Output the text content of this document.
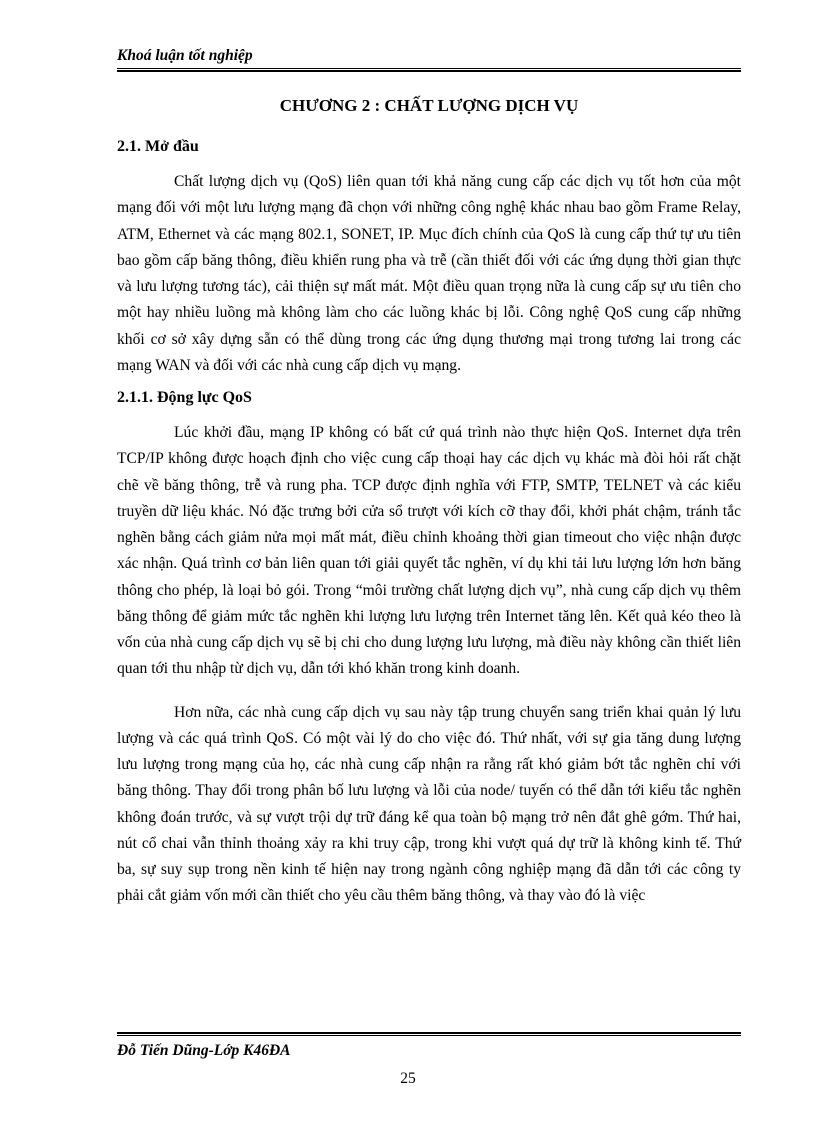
Khoá luận tốt nghiệp
CHƯƠNG 2 : CHẤT LƯỢNG DỊCH VỤ
2.1. Mở đầu

Chất lượng dịch vụ (QoS) liên quan tới khả năng cung cấp các dịch vụ tốt hơn của một mạng đối với một lưu lượng mạng đã chọn với những công nghệ khác nhau bao gồm Frame Relay, ATM, Ethernet và các mạng 802.1, SONET, IP. Mục đích chính của QoS là cung cấp thứ tự ưu tiên bao gồm cấp băng thông, điều khiển rung pha và trễ (cần thiết đối với các ứng dụng thời gian thực và lưu lượng tương tác), cải thiện sự mất mát. Một điều quan trọng nữa là cung cấp sự ưu tiên cho một hay nhiều luồng mà không làm cho các luồng khác bị lỗi. Công nghệ QoS cung cấp những khối cơ sở xây dựng sẵn có thể dùng trong các ứng dụng thương mại trong tương lai trong các mạng WAN và đối với các nhà cung cấp dịch vụ mạng.

2.1.1. Động lực QoS

Lúc khởi đầu, mạng IP không có bất cứ quá trình nào thực hiện QoS. Internet dựa trên TCP/IP không được hoạch định cho việc cung cấp thoại hay các dịch vụ khác mà đòi hỏi rất chặt chẽ về băng thông, trễ và rung pha. TCP được định nghĩa với FTP, SMTP, TELNET và các kiểu truyền dữ liệu khác. Nó đặc trưng bởi cửa sổ trượt với kích cỡ thay đổi, khởi phát chậm, tránh tắc nghẽn bằng cách giảm nửa mọi mất mát, điều chỉnh khoảng thời gian timeout cho việc nhận được xác nhận. Quá trình cơ bản liên quan tới giải quyết tắc nghẽn, ví dụ khi tải lưu lượng lớn hơn băng thông cho phép, là loại bỏ gói. Trong “môi trường chất lượng dịch vụ”, nhà cung cấp dịch vụ thêm băng thông để giảm mức tắc nghẽn khi lượng lưu lượng trên Internet tăng lên. Kết quả kéo theo là vốn của nhà cung cấp dịch vụ sẽ bị chi cho dung lượng lưu lượng, mà điều này không cần thiết liên quan tới thu nhập từ dịch vụ, dẫn tới khó khăn trong kinh doanh.

Hơn nữa, các nhà cung cấp dịch vụ sau này tập trung chuyển sang triển khai quản lý lưu lượng và các quá trình QoS. Có một vài lý do cho việc đó. Thứ nhất, với sự gia tăng dung lượng lưu lượng trong mạng của họ, các nhà cung cấp nhận ra rằng rất khó giảm bớt tắc nghẽn chỉ với băng thông. Thay đổi trong phân bố lưu lượng và lỗi của node/ tuyến có thể dẫn tới kiểu tắc nghẽn không đoán trước, và sự vượt trội dự trữ đáng kể qua toàn bộ mạng trở nên đắt ghê gớm. Thứ hai, nút cổ chai vẫn thỉnh thoảng xảy ra khi truy cập, trong khi vượt quá dự trữ là không kinh tế. Thứ ba, sự suy sụp trong nền kinh tế hiện nay trong ngành công nghiệp mạng đã dẫn tới các công ty phải cắt giảm vốn mới cần thiết cho yêu cầu thêm băng thông, và thay vào đó là việc

Đỗ Tiến Dũng-Lớp K46ĐA
25
